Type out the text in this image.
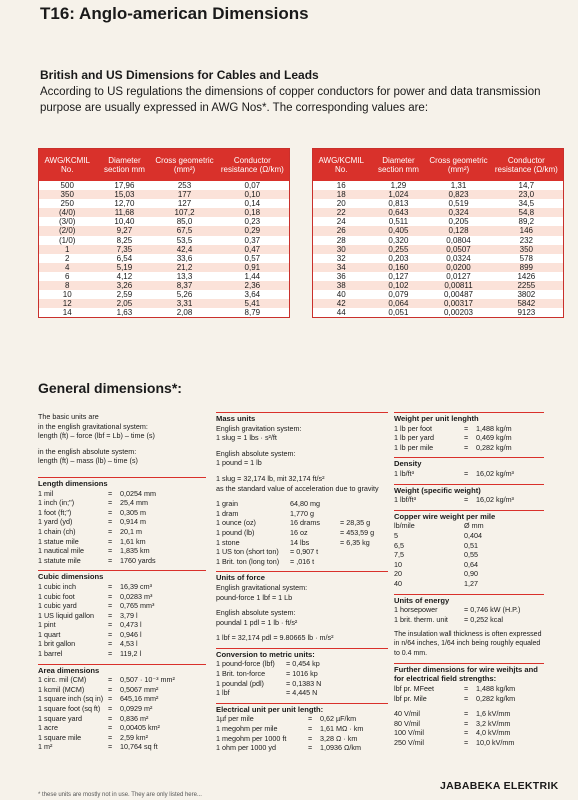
T16: Anglo-american Dimensions
British and US Dimensions for Cables and Leads
According to US regulations the dimensions of copper conductors for power and data transmission purpose are usually expressed in AWG Nos*. The corresponding values are:
AWG/KCMIL No.	Diameter section mm	Cross geometric (mm²)	Conductor resistance (Ω/km)
500	17,96	253	0,07
350	15,03	177	0,10
250	12,70	127	0,14
(4/0)	11,68	107,2	0,18
(3/0)	10,40	85,0	0,23
(2/0)	9,27	67,5	0,29
(1/0)	8,25	53,5	0,37
1	7,35	42,4	0,47
2	6,54	33,6	0,57
4	5,19	21,2	0,91
6	4,12	13,3	1,44
8	3,26	8,37	2,36
10	2,59	5,26	3,64
12	2,05	3,31	5,41
14	1,63	2,08	8,79
AWG/KCMIL No.	Diameter section mm	Cross geometric (mm²)	Conductor resistance (Ω/km)
16	1,29	1,31	14,7
18	1,024	0,823	23,0
20	0,813	0,519	34,5
22	0,643	0,324	54,8
24	0,511	0,205	89,2
26	0,405	0,128	146
28	0,320	0,0804	232
30	0,255	0,0507	350
32	0,203	0,0324	578
34	0,160	0,0200	899
36	0,127	0,0127	1426
38	0,102	0,00811	2255
40	0,079	0,00487	3802
42	0,064	0,00317	5842
44	0,051	0,00203	9123
General dimensions*:
The basic units are
in the english gravitational system:
length (ft) – force (lbf = Lb) – time (s)
in the english absolute system:
length (ft) – mass (lb) – time (s)
Length dimensions
1 mil	=	0,0254 mm
1 inch (in;")	=	25,4 mm
1 foot (ft;")	=	0,305 m
1 yard (yd)	=	0,914 m
1 chain (ch)	=	20,1 m
1 statue mile	=	1,61 km
1 nautical mile	=	1,835 km
1 statute mile	=	1760 yards
Cubic dimensions
1 cubic inch	=	16,39 cm³
1 cubic foot	=	0,0283 m³
1 cubic yard	=	0,765 mm³
1 US liquid gallon	=	3,79 l
1 pint	=	0,473 l
1 quart	=	0,946 l
1 brit gallon	=	4,53 l
1 barrel	=	119,2 l
Area dimensions
1 circ. mil (CM)	=	0,507 · 10⁻³ mm²
1 kcmil (MCM)	=	0,5067 mm²
1 square inch (sq in) =	645,16 mm²
1 square foot (sq ft)	=	0,0929 m²
1 square yard	=	0,836 m²
1 acre	=	0,00405 km²
1 square mile	=	2,59 km²
1 m²	=	10,764 sq ft
Mass units
English gravitation system:
1 slug = 1 lbs · s²/ft
English absolute system:
1 pound = 1 lb
1 slug = 32,174 lb, mit 32,174 ft/s²
as the standard value of acceleration due to gravity
1 grain	64,80 mg
1 dram	1,770 g
1 ounce (oz)	16 drams	= 28,35 g
1 pound (lb)	16 oz	= 453,59 g
1 stone	14 lbs	= 6,35 kg
1 US ton (short ton)	= 0,907 t
1 Brit. ton (long ton)	= ,016 t
Units of force
English gravitational system:
pound-force 1 lbf = 1 Lb
English absolute system:
poundal 1 pdl = 1 lb · ft/s²
1 lbf = 32,174 pdl = 9.80665 lb · m/s²
Conversion to metric units:
1 pound-force (lbf)	= 0,454 kp
1 Brit. ton-force	= 1016 kp
1 poundal (pdl)	= 0,1383 N
1 lbf	= 4,445 N
Electrical unit per unit length:
1µf per mile	=	0,62 µF/km
1 megohm per mile	=	1,61 MΩ · km
1 megohm per 1000 ft	=	3,28 Ω · km
1 ohm per 1000 yd	=	1,0936 Ω/km
Weight per unit lenghth
1 lb per foot	=	1,488 kg/m
1 lb per yard	=	0,469 kg/m
1 lb per mile	=	0,282 kg/m
Density
1 lb/ft³	=	16,02 kg/m³
Weight (specific weight)
1 lbf/ft³	=	16,02 kg/m³
Copper wire weight per mile
lb/mile	Ø mm
5	0,404
6,5	0,51
7,5	0,55
10	0,64
20	0,90
40	1,27
Units of energy
1 horsepower	= 0,746 kW (H.P.)
1 brit. therm. unit	= 0,252 kcal
The insulation wall thickness is often expressed in n/64 inches, 1/64 inch being roughly equaled to 0.4 mm.
Further dimensions for wire weihjts and for electrical field strengths:
lbf pr. MFeet	=	1,488 kg/km
lbf pr. Mile	=	0,282 kg/km
40 V/mil	=	1,6 kV/mm
80 V/mil	=	3,2 kV/mm
100 V/mil	=	4,0 kV/mm
250 V/mil	=	10,0 kV/mm
JABABEKA ELEKTRIK
* these units are mostly not in use. They are only listed here...
